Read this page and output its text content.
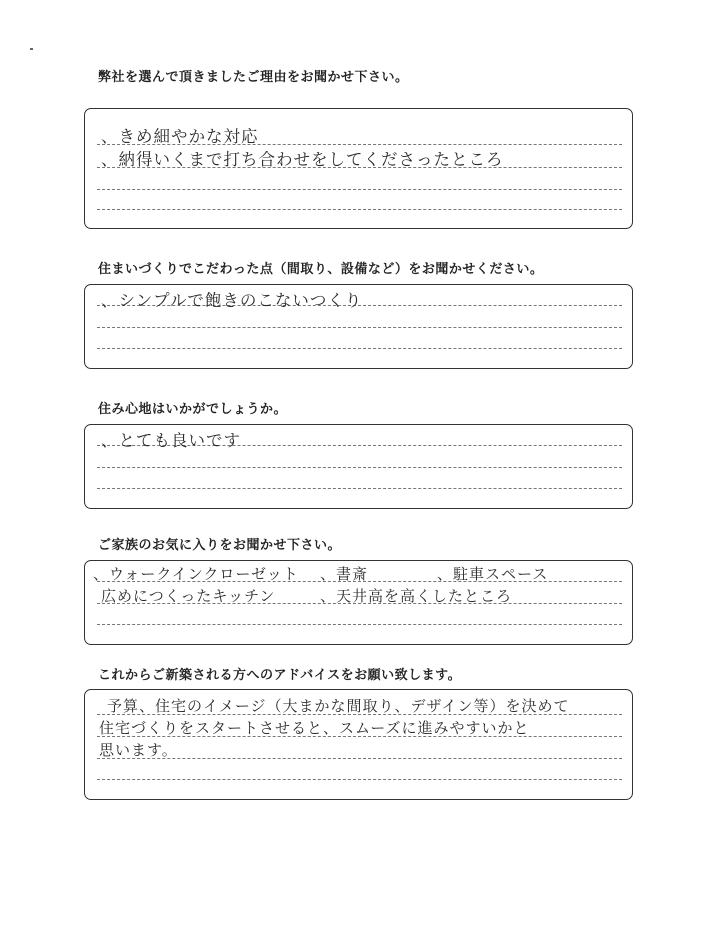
弊社を選んで頂きましたご理由をお聞かせ下さい。
、きめ細やかな対応
、納得いくまで打ち合わせをしてくださったところ
住まいづくりでこだわった点（間取り、設備など）をお聞かせください。
、シンプルで飽きのこないつくり
住み心地はいかがでしょうか。
、とても良いです
ご家族のお気に入りをお聞かせ下さい。
、ウォークインクローゼット 、書斎	、駐車スペース
広めにつくったキッチン	、天井高を高くしたところ
これからご新築される方へのアドバイスをお願い致します。
予算、住宅のイメージ（大まかな間取り、デザイン等）を決めて
住宅づくりをスタートさせると、スムーズに進みやすいかと
思います。
